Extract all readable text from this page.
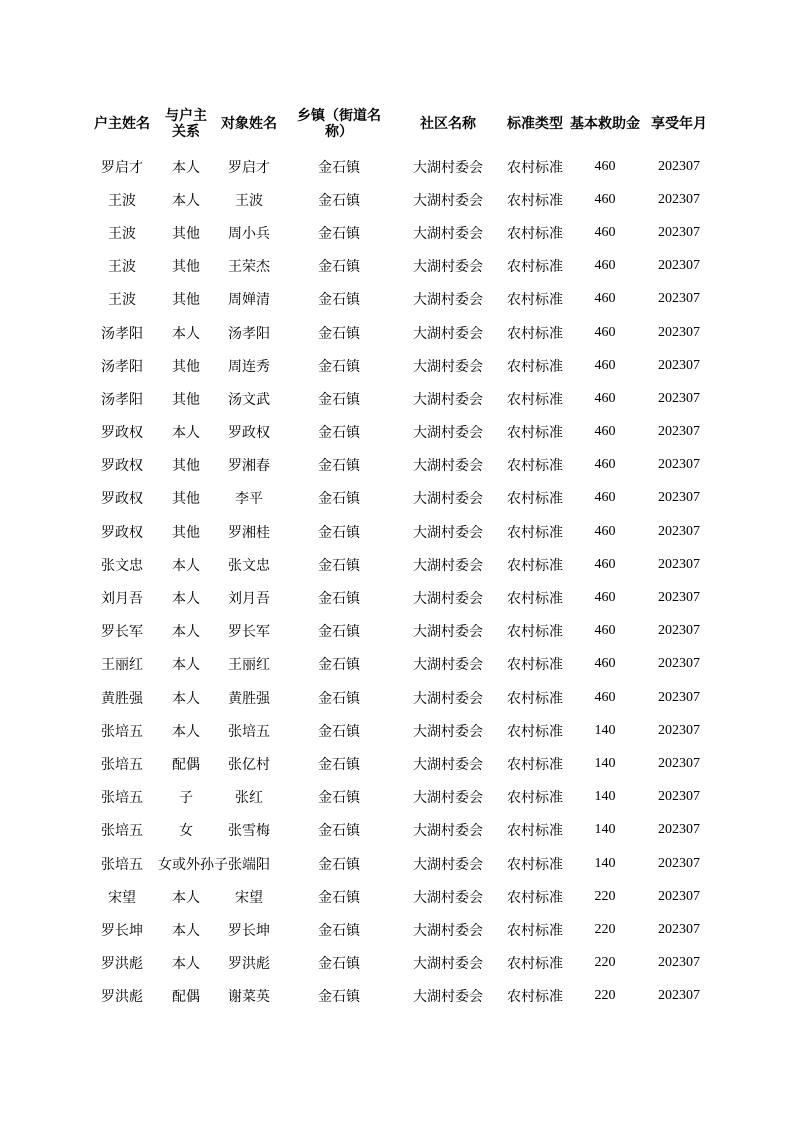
户主姓名	与户主关系	对象姓名	乡镇（街道名称）	社区名称	标准类型	基本救助金	享受年月
罗启才	本人	罗启才	金石镇	大湖村委会	农村标准	460	202307
王波	本人	王波	金石镇	大湖村委会	农村标准	460	202307
王波	其他	周小兵	金石镇	大湖村委会	农村标准	460	202307
王波	其他	王荣杰	金石镇	大湖村委会	农村标准	460	202307
王波	其他	周婵清	金石镇	大湖村委会	农村标准	460	202307
汤孝阳	本人	汤孝阳	金石镇	大湖村委会	农村标准	460	202307
汤孝阳	其他	周连秀	金石镇	大湖村委会	农村标准	460	202307
汤孝阳	其他	汤文武	金石镇	大湖村委会	农村标准	460	202307
罗政权	本人	罗政权	金石镇	大湖村委会	农村标准	460	202307
罗政权	其他	罗湘春	金石镇	大湖村委会	农村标准	460	202307
罗政权	其他	李平	金石镇	大湖村委会	农村标准	460	202307
罗政权	其他	罗湘桂	金石镇	大湖村委会	农村标准	460	202307
张文忠	本人	张文忠	金石镇	大湖村委会	农村标准	460	202307
刘月吾	本人	刘月吾	金石镇	大湖村委会	农村标准	460	202307
罗长军	本人	罗长军	金石镇	大湖村委会	农村标准	460	202307
王丽红	本人	王丽红	金石镇	大湖村委会	农村标准	460	202307
黄胜强	本人	黄胜强	金石镇	大湖村委会	农村标准	460	202307
张培五	本人	张培五	金石镇	大湖村委会	农村标准	140	202307
张培五	配偶	张亿村	金石镇	大湖村委会	农村标准	140	202307
张培五	子	张红	金石镇	大湖村委会	农村标准	140	202307
张培五	女	张雪梅	金石镇	大湖村委会	农村标准	140	202307
张培五	女或外孙子	张端阳	金石镇	大湖村委会	农村标准	140	202307
宋望	本人	宋望	金石镇	大湖村委会	农村标准	220	202307
罗长坤	本人	罗长坤	金石镇	大湖村委会	农村标准	220	202307
罗洪彪	本人	罗洪彪	金石镇	大湖村委会	农村标准	220	202307
罗洪彪	配偶	谢菜英	金石镇	大湖村委会	农村标准	220	202307
